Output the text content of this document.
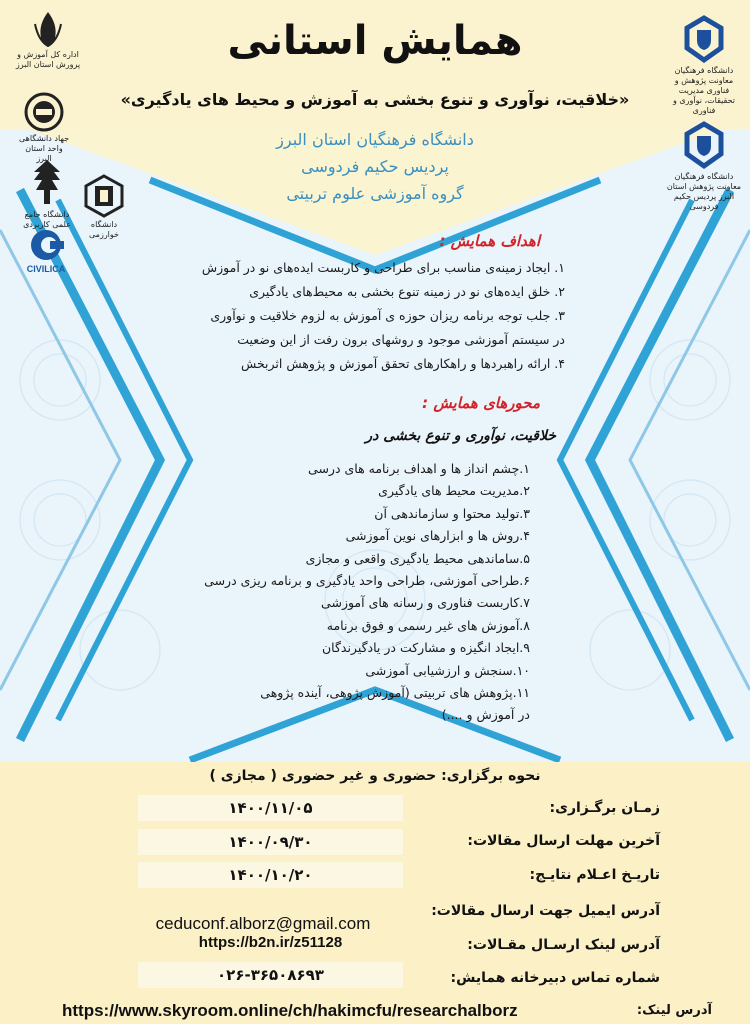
اداره کل آموزش و پرورش استان البرز
جهاد دانشگاهی واحد استان البرز
دانشگاه جامع علمی کاربردی	دانشگاه خوارزمی
CIVILICA
دانشگاه فرهنگیان معاونت پژوهش و فناوری مدیریت تحقیقات، نوآوری و فناوری
دانشگاه فرهنگیان معاونت پژوهش استان البرز پردیس حکیم فردوسی
همایش استانی
«خلاقیت، نوآوری و تنوع بخشی به آموزش و محیط های یادگیری»
دانشگاه فرهنگیان استان البرز
پردیس حکیم فردوسی
گروه آموزشی علوم تربیتی
اهداف همایش :
۱. ایجاد زمینه‌ی مناسب برای طراحی و کاربست ایده‌های نو در آموزش
۲. خلق ایده‌های نو در زمینه تنوع بخشی به محیط‌های یادگیری
۳. جلب توجه برنامه ریزان حوزه ی آموزش به لزوم خلاقیت و نوآوری
در سیستم آموزشی موجود و روشهای برون رفت از این وضعیت
۴. ارائه راهبردها و راهکارهای تحقق آموزش و پژوهش اثربخش
محورهای همایش :
خلاقیت، نوآوری و تنوع بخشی در
۱.چشم انداز ها و اهداف برنامه های درسی
۲.مدیریت محیط های یادگیری
۳.تولید محتوا و سازماندهی آن
۴.روش ها و ابزارهای نوین آموزشی
۵.ساماندهی محیط یادگیری واقعی و مجازی
۶.طراحی آموزشی، طراحی واحد یادگیری و برنامه ریزی درسی
۷.کاربست فناوری و رسانه های آموزشی
۸.آموزش های غیر رسمی و فوق برنامه
۹.ایجاد انگیزه و مشارکت در یادگیرندگان
۱۰.سنجش و ارزشیابی آموزشی
۱۱.پژوهش های تربیتی (آموزش پژوهی، آینده پژوهی
در آموزش و ....)
نحوه برگزاری: حضوری و غیر حضوری ( مجازی )
زمـان برگـزاری:
۱۴۰۰/۱۱/۰۵
آخرین مهلت ارسال مقالات:
۱۴۰۰/۰۹/۳۰
تاریـخ اعـلام نتایـج:
۱۴۰۰/۱۰/۲۰
آدرس ایمیل جهت ارسال مقالات:
ceduconf.alborz@gmail.com
آدرس لینک ارسـال مقـالات:
https://b2n.ir/z51128
شماره تماس دبیرخانه همایش:
۰۲۶-۳۶۵۰۸۶۹۳
https://www.skyroom.online/ch/hakimcfu/researchalborz	آدرس لینک:
